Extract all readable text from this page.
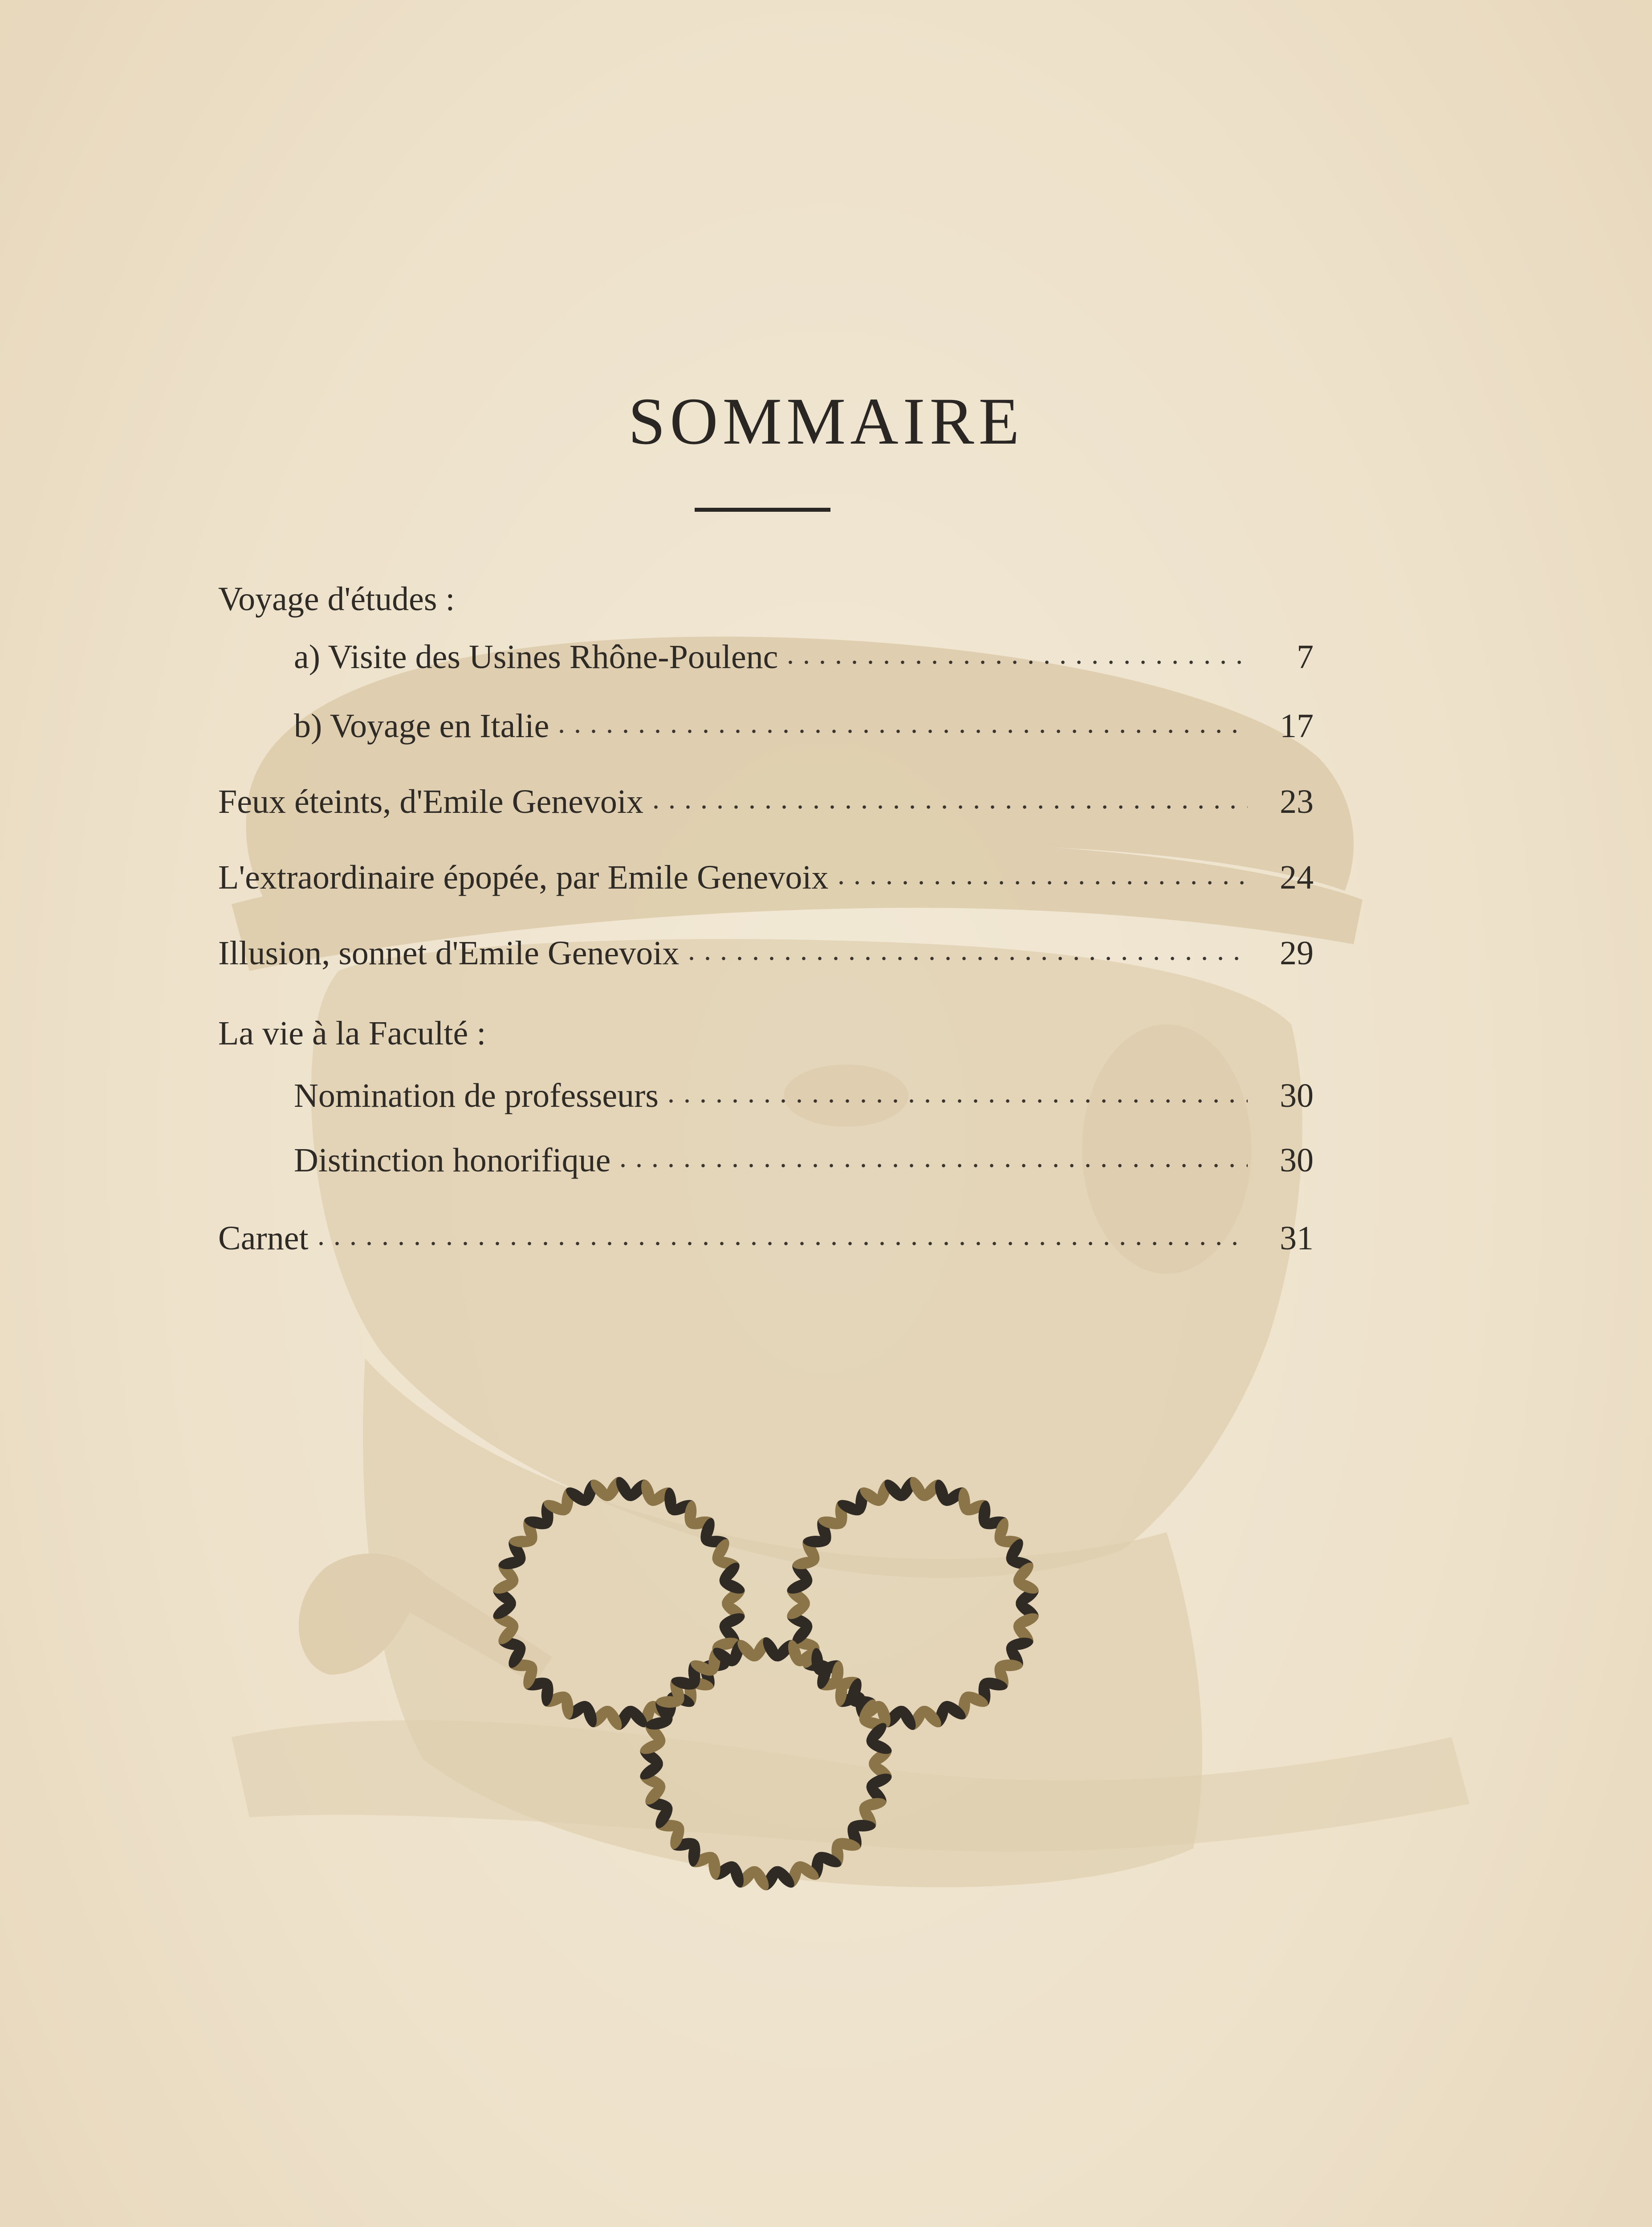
SOMMAIRE
Voyage d'études :
a) Visite des Usines Rhône-Poulenc	7
b) Voyage en Italie	17
Feux éteints, d'Emile Genevoix	23
L'extraordinaire épopée, par Emile Genevoix	24
Illusion, sonnet d'Emile Genevoix	29
La vie à la Faculté :
Nomination de professeurs	30
Distinction honorifique	30
Carnet	31
